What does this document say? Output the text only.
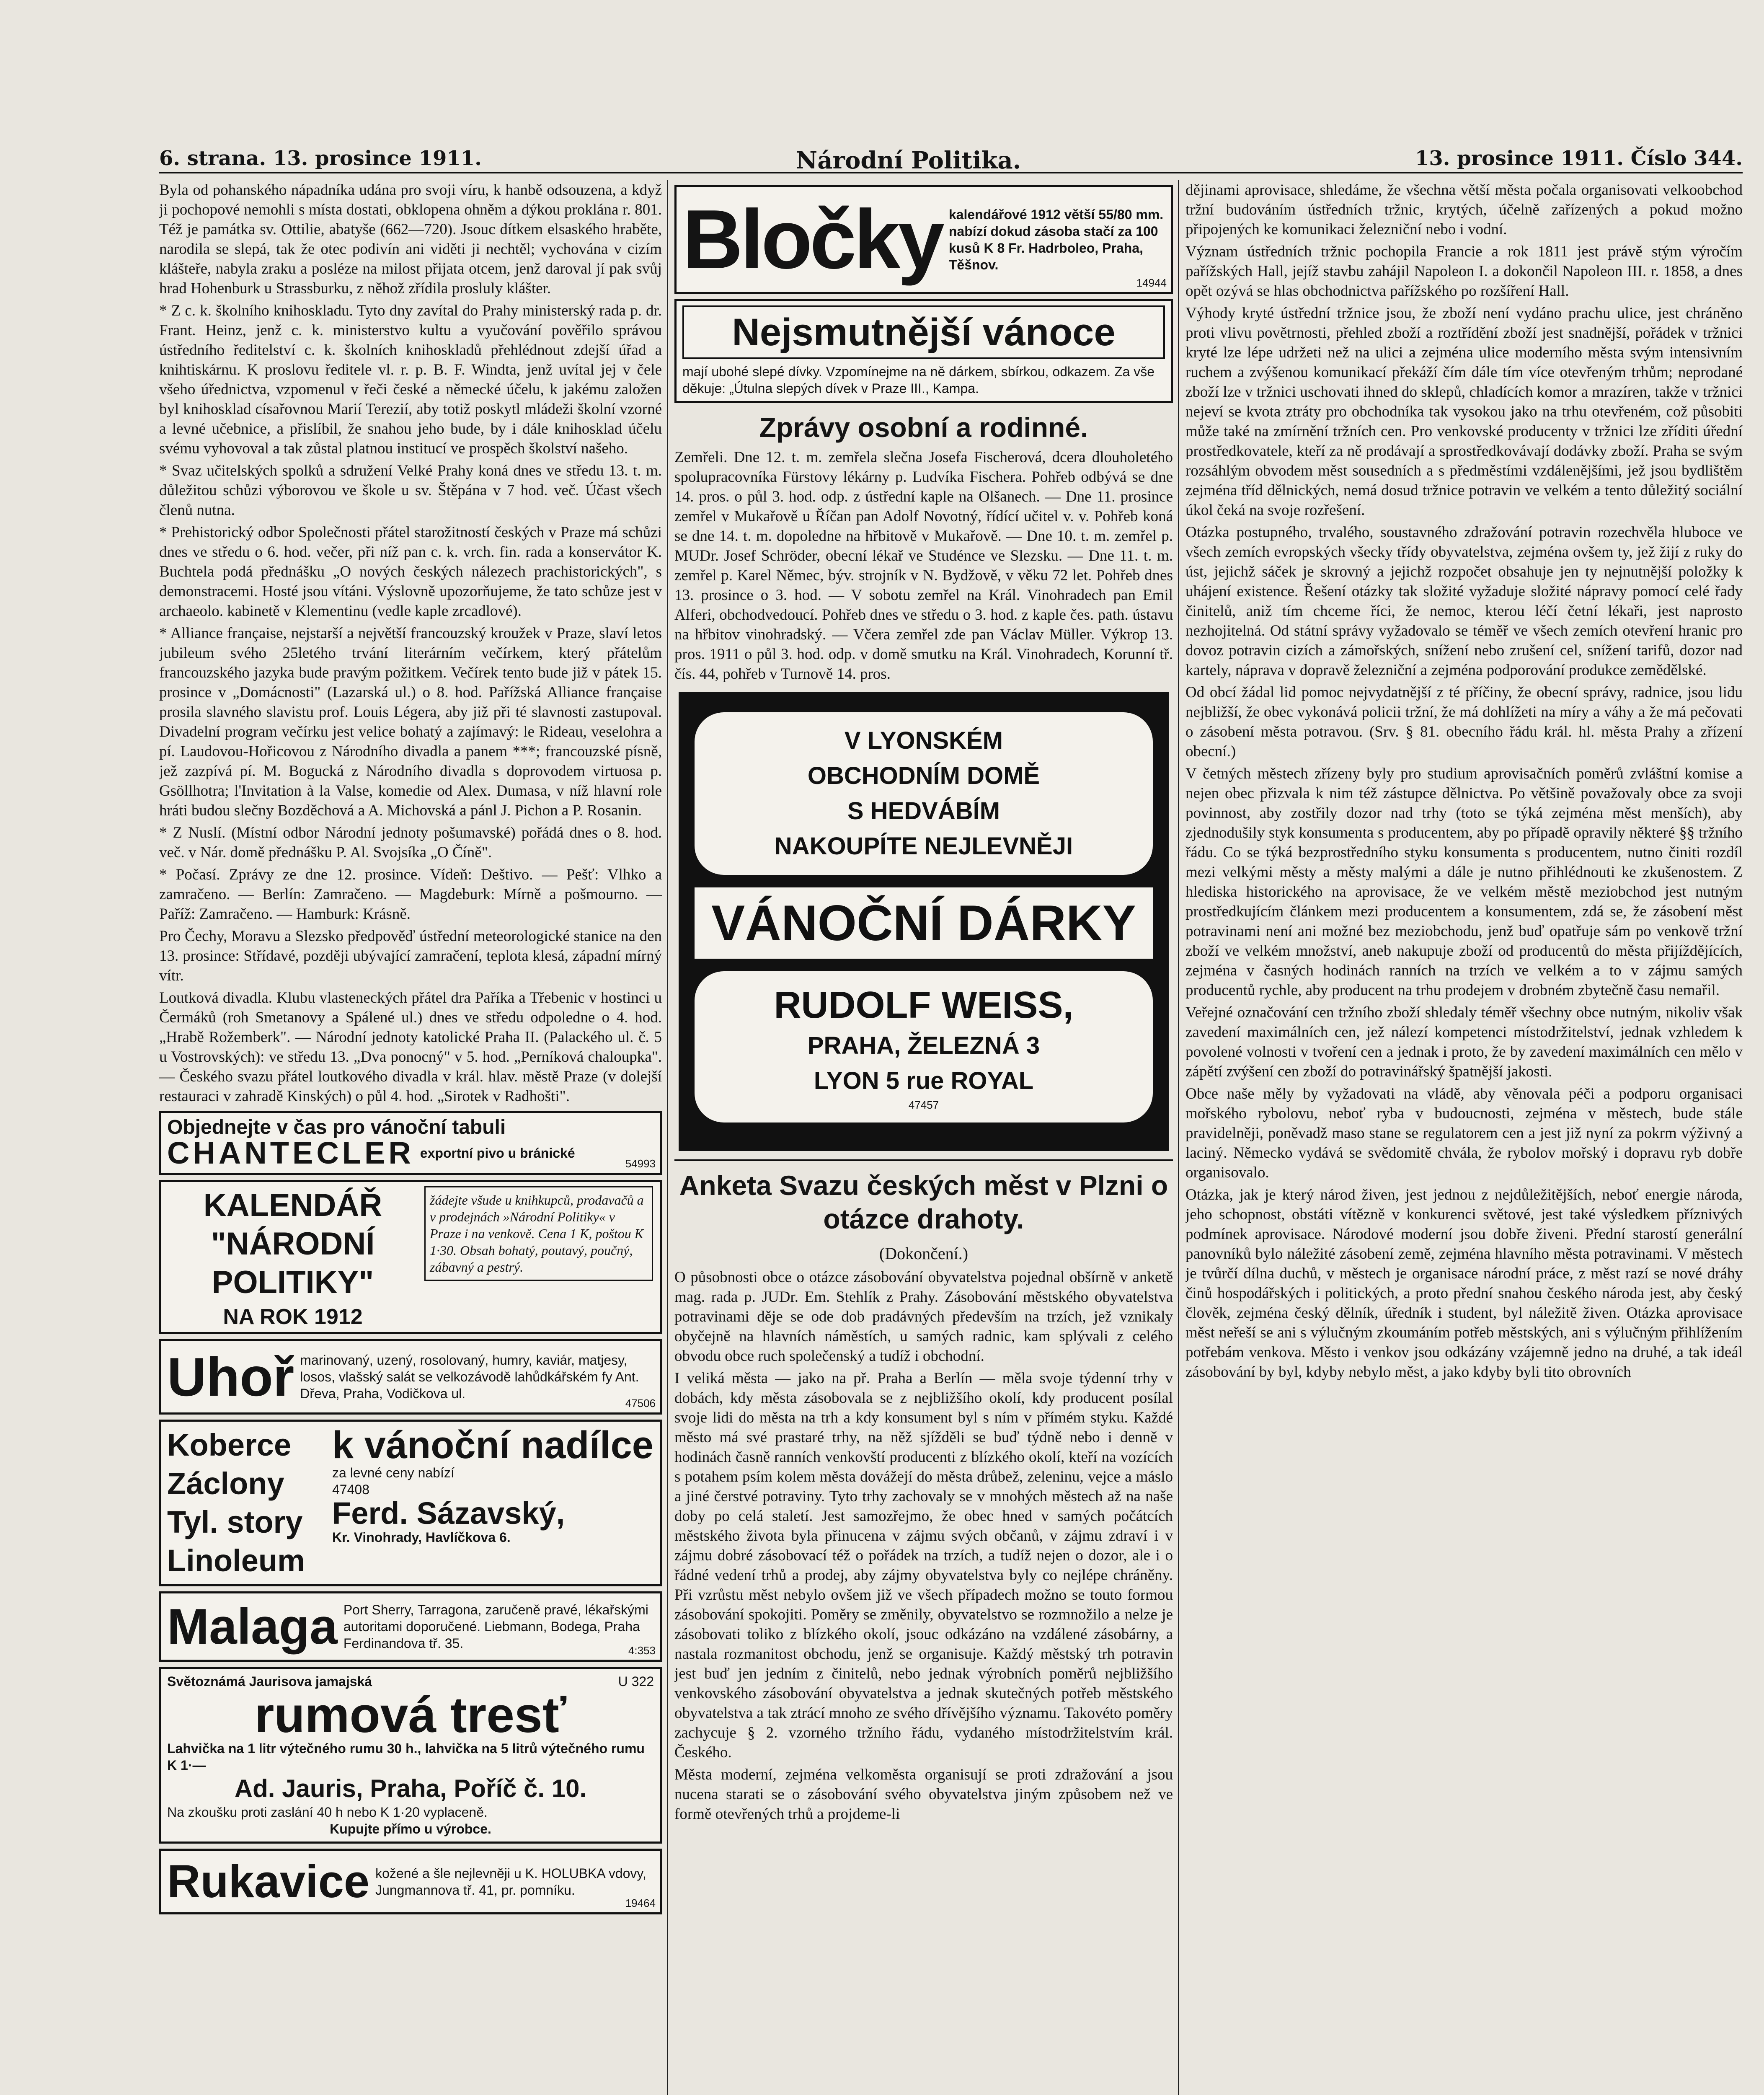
6. strana. 13. prosince 1911.	Národní Politika.	13. prosince 1911. Číslo 344.

Byla od pohanského nápadníka udána pro svoji víru, k hanbě odsouzena, a když ji pochopové nemohli s místa dostati, obklopena ohněm a dýkou proklána r. 801. Též je památka sv. Ottilie, abatyše (662—720). Jsouc dítkem elsaského hraběte, narodila se slepá, tak že otec podivín ani viděti ji nechtěl; vychována v cizím klášteře, nabyla zraku a posléze na milost přijata otcem, jenž daroval jí pak svůj hrad Hohenburk u Strassburku, z něhož zřídila prosluly klášter.

* Z c. k. školního knihoskladu. Tyto dny zavítal do Prahy ministerský rada p. dr. Frant. Heinz, jenž c. k. ministerstvo kultu a vyučování pověřilo správou ústředního ředitelství c. k. školních knihoskladů přehlédnout zdejší úřad a knihtiskárnu. K proslovu ředitele vl. r. p. B. F. Windta, jenž uvítal jej v čele všeho úřednictva, vzpomenul v řeči české a německé účelu, k jakému založen byl knihosklad císařovnou Marií Terezií, aby totiž poskytl mládeži školní vzorné a levné učebnice, a přislíbil, že snahou jeho bude, by i dále knihosklad účelu svému vyhovoval a tak zůstal platnou institucí ve prospěch školství našeho.

* Svaz učitelských spolků a sdružení Velké Prahy koná dnes ve středu 13. t. m. důležitou schůzi výborovou ve škole u sv. Štěpána v 7 hod. več. Účast všech členů nutna.

* Prehistorický odbor Společnosti přátel starožitností českých v Praze má schůzi dnes ve středu o 6. hod. večer, při níž pan c. k. vrch. fin. rada a konservátor K. Buchtela podá přednášku „O nových českých nálezech prachistorických", s demonstracemi. Hosté jsou vítáni. Výslovně upozorňujeme, že tato schůze jest v archaeolo. kabinetě v Klementinu (vedle kaple zrcadlové).

* Alliance française, nejstarší a největší francouzský kroužek v Praze, slaví letos jubileum svého 25letého trvání literárním večírkem, který přátelům francouzského jazyka bude pravým požitkem. Večírek tento bude již v pátek 15. prosince v „Domácnosti" (Lazarská ul.) o 8. hod. Pařížská Alliance française prosila slavného slavistu prof. Louis Légera, aby již při té slavnosti zastupoval. Divadelní program večírku jest velice bohatý a zajímavý: le Rideau, veselohra a pí. Laudovou-Hořicovou z Národního divadla a panem ***; francouzské písně, jež zazpívá pí. M. Bogucká z Národního divadla s doprovodem virtuosa p. Gsöllhotra; l'Invitation à la Valse, komedie od Alex. Dumasa, v níž hlavní role hráti budou slečny Bozděchová a A. Michovská a pánl J. Pichon a P. Rosanin.

* Z Nuslí. (Místní odbor Národní jednoty pošumavské) pořádá dnes o 8. hod. več. v Nár. domě přednášku P. Al. Svojsíka „O Číně".

* Počasí. Zprávy ze dne 12. prosince. Vídeň: Deštivo. — Pešť: Vlhko a zamračeno. — Berlín: Zamračeno. — Magdeburk: Mírně a pošmourno. — Paříž: Zamračeno. — Hamburk: Krásně.

Pro Čechy, Moravu a Slezsko předpověď ústřední meteorologické stanice na den 13. prosince: Střídavé, později ubývající zamračení, teplota klesá, západní mírný vítr.

Loutková divadla. Klubu vlasteneckých přátel dra Paříka a Třebenic v hostinci u Čermáků (roh Smetanovy a Spálené ul.) dnes ve středu odpoledne o 4. hod. „Hrabě Rožemberk". — Národní jednoty katolické Praha II. (Palackého ul. č. 5 u Vostrovských): ve středu 13. „Dva ponocný" v 5. hod. „Perníková chaloupka". — Českého svazu přátel loutkového divadla v král. hlav. městě Praze (v dolejší restauraci v zahradě Kinských) o půl 4. hod. „Sirotek v Radhošti".

Objednejte v čas pro vánoční tabuli
CHANTECLER exportní pivo u bránické
54993
KALENDÁŘ "NÁRODNÍ POLITIKY"
NA ROK 1912
žádejte všude u knihkupců, prodavačů a v prodejnách »Národní Politiky« v Praze i na venkově. Cena 1 K, poštou K 1·30. Obsah bohatý, poutavý, poučný, zábavný a pestrý.
Uhoř marinovaný, uzený, rosolovaný, humry, kaviár, matjesy, losos, vlašský salát se velkozávodě lahůdkářském fy Ant. Dřeva, Praha, Vodičkova ul.
47506
Koberce Záclony Tyl. story Linoleum
k vánoční nadílce
za levné ceny nabízí
47408
Ferd. Sázavský,
Kr. Vinohrady, Havlíčkova 6.
Malaga Port Sherry, Tarragona, zaručeně pravé, lékařskými autoritami doporučené. Liebmann, Bodega, Praha Ferdinandova tř. 35.	4:353
Světoznámá Jaurisova jamajská	U 322
rumová tresť
Lahvička na 1 litr výtečného rumu 30 h., lahvička na 5 litrů výtečného rumu K 1·—
Ad. Jauris, Praha, Poříč č. 10.
Na zkoušku proti zaslání 40 h nebo K 1·20 vyplaceně.
Kupujte přímo u výrobce.
Rukavice kožené a šle nejlevněji u K. HOLUBKA vdovy, Jungmannova tř. 41, pr. pomníku.
19464
Bločky kalendářové 1912 větší 55/80 mm. nabízí dokud zásoba stačí za 100 kusů K 8 Fr. Hadrboleo, Praha, Těšnov.
14944
Nejsmutnější vánoce
mají ubohé slepé dívky. Vzpomínejme na ně dárkem, sbírkou, odkazem. Za vše děkuje: „Útulna slepých dívek v Praze III., Kampa.
Zprávy osobní a rodinné.

Zemřeli. Dne 12. t. m. zemřela slečna Josefa Fischerová, dcera dlouholetého spolupracovníka Fürstovy lékárny p. Ludvíka Fischera. Pohřeb odbývá se dne 14. pros. o půl 3. hod. odp. z ústřední kaple na Olšanech. — Dne 11. prosince zemřel v Mukařově u Říčan pan Adolf Novotný, řídící učitel v. v. Pohřeb koná se dne 14. t. m. dopoledne na hřbitově v Mukařově. — Dne 10. t. m. zemřel p. MUDr. Josef Schröder, obecní lékař ve Studénce ve Slezsku. — Dne 11. t. m. zemřel p. Karel Němec, býv. strojník v N. Bydžově, v věku 72 let. Pohřeb dnes 13. prosince o 3. hod. — V sobotu zemřel na Král. Vinohradech pan Emil Alferi, obchodvedoucí. Pohřeb dnes ve středu o 3. hod. z kaple čes. path. ústavu na hřbitov vinohradský. — Včera zemřel zde pan Václav Müller. Výkrop 13. pros. 1911 o půl 3. hod. odp. v domě smutku na Král. Vinohradech, Korunní tř. čís. 44, pohřeb v Turnově 14. pros.

V LYONSKÉM
OBCHODNÍM DOMĚ
S HEDVÁBÍM
NAKOUPÍTE NEJLEVNĚJI
VÁNOČNÍ DÁRKY
RUDOLF WEISS,
PRAHA, ŽELEZNÁ 3
LYON 5 rue ROYAL
47457
Anketa Svazu českých měst v Plzni o otázce drahoty.
(Dokončení.)

O působnosti obce o otázce zásobování obyvatelstva pojednal obšírně v anketě mag. rada p. JUDr. Em. Stehlík z Prahy. Zásobování městského obyvatelstva potravinami děje se ode dob pradávných především na trzích, jež vznikaly obyčejně na hlavních náměstích, u samých radnic, kam splývali z celého obvodu obce ruch společenský a tudíž i obchodní.

I veliká města — jako na př. Praha a Berlín — měla svoje týdenní trhy v dobách, kdy města zásobovala se z nejbližšího okolí, kdy producent posílal svoje lidi do města na trh a kdy konsument byl s ním v přímém styku. Každé město má své prastaré trhy, na něž sjížděli se buď týdně nebo i denně v hodinách časně ranních venkovští producenti z blízkého okolí, kteří na vozících s potahem psím kolem města dovážejí do města drůbež, zeleninu, vejce a máslo a jiné čerstvé potraviny. Tyto trhy zachovaly se v mnohých městech až na naše doby po celá staletí. Jest samozřejmo, že obec hned v samých počátcích městského života byla přinucena v zájmu svých občanů, v zájmu zdraví i v zájmu dobré zásobovací též o pořádek na trzích, a tudíž nejen o dozor, ale i o řádné vedení trhů a prodej, aby zájmy obyvatelstva byly co nejlépe chráněny. Při vzrůstu měst nebylo ovšem již ve všech případech možno se touto formou zásobování spokojiti. Poměry se změnily, obyvatelstvo se rozmnožilo a nelze je zásobovati toliko z blízkého okolí, jsouc odkázáno na vzdálené zásobárny, a nastala rozmanitost obchodu, jenž se organisuje. Každý městský trh potravin jest buď jen jedním z činitelů, nebo jednak výrobních poměrů nejbližšího venkovského zásobování obyvatelstva a jednak skutečných potřeb městského obyvatelstva a tak ztrácí mnoho ze svého dřívějšího významu. Takovéto poměry zachycuje § 2. vzorného tržního řádu, vydaného místodržitelstvím král. Českého.

Města moderní, zejména velkoměsta organisují se proti zdražování a jsou nucena starati se o zásobování svého obyvatelstva jiným způsobem než ve formě otevřených trhů a projdeme-li

dějinami aprovisace, shledáme, že všechna větší města počala organisovati velkoobchod tržní budováním ústředních tržnic, krytých, účelně zařízených a pokud možno připojených ke komunikaci železniční nebo i vodní.

Význam ústředních tržnic pochopila Francie a rok 1811 jest právě stým výročím pařížských Hall, jejíž stavbu zahájil Napoleon I. a dokončil Napoleon III. r. 1858, a dnes opět ozývá se hlas obchodnictva pařížského po rozšíření Hall.

Výhody kryté ústřední tržnice jsou, že zboží není vydáno prachu ulice, jest chráněno proti vlivu povětrnosti, přehled zboží a roztřídění zboží jest snadnější, pořádek v tržnici kryté lze lépe udržeti než na ulici a zejména ulice moderního města svým intensivním ruchem a zvýšenou komunikací překáží čím dále tím více otevřeným trhům; neprodané zboží lze v tržnici uschovati ihned do sklepů, chladících komor a mrazíren, takže v tržnici nejeví se kvota ztráty pro obchodníka tak vysokou jako na trhu otevřeném, což působiti může také na zmírnění tržních cen. Pro venkovské producenty v tržnici lze zříditi úřední prostředkovatele, kteří za ně prodávají a sprostředkovávají dodávky zboží. Praha se svým rozsáhlým obvodem měst sousedních a s předměstími vzdálenějšími, jež jsou bydlištěm zejména tříd dělnických, nemá dosud tržnice potravin ve velkém a tento důležitý sociální úkol čeká na svoje rozřešení.

Otázka postupného, trvalého, soustavného zdražování potravin rozechvěla hluboce ve všech zemích evropských všecky třídy obyvatelstva, zejména ovšem ty, jež žijí z ruky do úst, jejichž sáček je skrovný a jejichž rozpočet obsahuje jen ty nejnutnější položky k uhájení existence. Řešení otázky tak složité vyžaduje složité nápravy pomocí celé řady činitelů, aniž tím chceme říci, že nemoc, kterou léčí četní lékaři, jest naprosto nezhojitelná. Od státní správy vyžadovalo se téměř ve všech zemích otevření hranic pro dovoz potravin cizích a zámořských, snížení nebo zrušení cel, snížení tarifů, dozor nad kartely, náprava v dopravě železniční a zejména podporování produkce zemědělské.

Od obcí žádal lid pomoc nejvydatnější z té příčiny, že obecní správy, radnice, jsou lidu nejbližší, že obec vykonává policii tržní, že má dohlížeti na míry a váhy a že má pečovati o zásobení města potravou. (Srv. § 81. obecního řádu král. hl. města Prahy a zřízení obecní.)

V četných městech zřízeny byly pro studium aprovisačních poměrů zvláštní komise a nejen obec přizvala k nim též zástupce dělnictva. Po většině považovaly obce za svoji povinnost, aby zostřily dozor nad trhy (toto se týká zejména měst menších), aby zjednodušily styk konsumenta s producentem, aby po případě opravily některé §§ tržního řádu. Co se týká bezprostředního styku konsumenta s producentem, nutno činiti rozdíl mezi velkými městy a městy malými a dále je nutno přihlédnouti ke zkušenostem. Z hlediska historického na aprovisace, že ve velkém městě meziobchod jest nutným prostředkujícím článkem mezi producentem a konsumentem, zdá se, že zásobení měst potravinami není ani možné bez meziobchodu, jenž buď opatřuje sám po venkově tržní zboží ve velkém množství, aneb nakupuje zboží od producentů do města přijíždějících, zejména v časných hodinách ranních na trzích ve velkém a to v zájmu samých producentů rychle, aby producent na trhu prodejem v drobném zbytečně času nemařil.

Veřejné označování cen tržního zboží shledaly téměř všechny obce nutným, nikoliv však zavedení maximálních cen, jež nálezí kompetenci místodržitelství, jednak vzhledem k povolené volnosti v tvoření cen a jednak i proto, že by zavedení maximálních cen mělo v zápětí zvýšení cen zboží do potravinářský špatnější jakosti.

Obce naše měly by vyžadovati na vládě, aby věnovala péči a podporu organisaci mořského rybolovu, neboť ryba v budoucnosti, zejména v městech, bude stále pravidelněji, poněvadž maso stane se regulatorem cen a jest již nyní za pokrm výživný a laciný. Německo vydává se svědomitě chvála, že rybolov mořský i dopravu ryb dobře organisovalo.

Otázka, jak je který národ živen, jest jednou z nejdůležitějších, neboť energie národa, jeho schopnost, obstáti vítězně v konkurenci světové, jest také výsledkem příznivých podmínek aprovisace. Národové moderní jsou dobře živeni. Přední starostí generální panovníků bylo náležité zásobení země, zejména hlavního města potravinami. V městech je tvůrčí dílna duchů, v městech je organisace národní práce, z měst razí se nové dráhy činů hospodářských i politických, a proto přední snahou českého národa jest, aby český člověk, zejména český dělník, úředník i student, byl náležitě živen. Otázka aprovisace měst neřeší se ani s výlučným zkoumáním potřeb městských, ani s výlučným přihlížením potřebám venkova. Město i venkov jsou odkázány vzájemně jedno na druhé, a tak ideál zásobování by byl, kdyby nebylo měst, a jako kdyby byli tito obrovních
